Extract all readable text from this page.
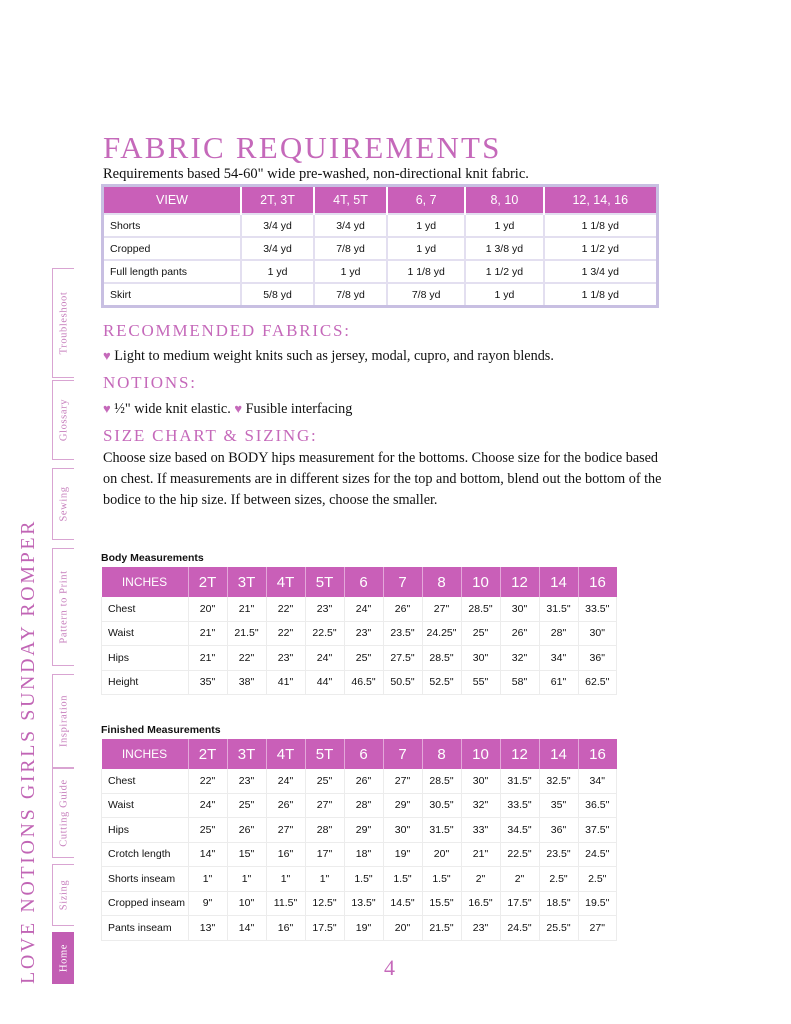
LOVE NOTIONS GIRLS SUNDAY ROMPER
Troubleshoot
Glossary
Sewing
Pattern to Print
Inspiration
Cutting Guide
Sizing
Home
FABRIC REQUIREMENTS
Requirements based 54-60" wide pre-washed, non-directional knit fabric.
VIEW	2T, 3T	4T, 5T	6, 7	8, 10	12, 14, 16
Shorts	3/4 yd	3/4 yd	1 yd	1 yd	1 1/8 yd
Cropped	3/4 yd	7/8 yd	1 yd	1 3/8 yd	1 1/2 yd
Full length pants	1 yd	1 yd	1 1/8 yd	1 1/2 yd	1 3/4 yd
Skirt	5/8 yd	7/8 yd	7/8 yd	1 yd	1 1/8 yd
RECOMMENDED FABRICS:
♥ Light to medium weight knits such as jersey, modal, cupro, and rayon blends.
NOTIONS:
♥ ½" wide knit elastic. ♥ Fusible interfacing
SIZE CHART & SIZING:
Choose size based on BODY hips measurement for the bottoms. Choose size for the bodice based on chest. If measurements are in different sizes for the top and bottom, blend out the bottom of the bodice to the hip size. If between sizes, choose the smaller.
Body Measurements
INCHES	2T	3T	4T	5T	6	7	8	10	12	14	16
Chest	20"	21"	22"	23"	24"	26"	27"	28.5"	30"	31.5"	33.5"
Waist	21"	21.5"	22"	22.5"	23"	23.5"	24.25"	25"	26"	28"	30"
Hips	21"	22"	23"	24"	25"	27.5"	28.5"	30"	32"	34"	36"
Height	35"	38"	41"	44"	46.5"	50.5"	52.5"	55"	58"	61"	62.5"
Finished Measurements
INCHES	2T	3T	4T	5T	6	7	8	10	12	14	16
Chest	22"	23"	24"	25"	26"	27"	28.5"	30"	31.5"	32.5"	34"
Waist	24"	25"	26"	27"	28"	29"	30.5"	32"	33.5"	35"	36.5"
Hips	25"	26"	27"	28"	29"	30"	31.5"	33"	34.5"	36"	37.5"
Crotch length	14"	15"	16"	17"	18"	19"	20"	21"	22.5"	23.5"	24.5"
Shorts inseam	1"	1"	1"	1"	1.5"	1.5"	1.5"	2"	2"	2.5"	2.5"
Cropped inseam	9"	10"	11.5"	12.5"	13.5"	14.5"	15.5"	16.5"	17.5"	18.5"	19.5"
Pants inseam	13"	14"	16"	17.5"	19"	20"	21.5"	23"	24.5"	25.5"	27"
4
